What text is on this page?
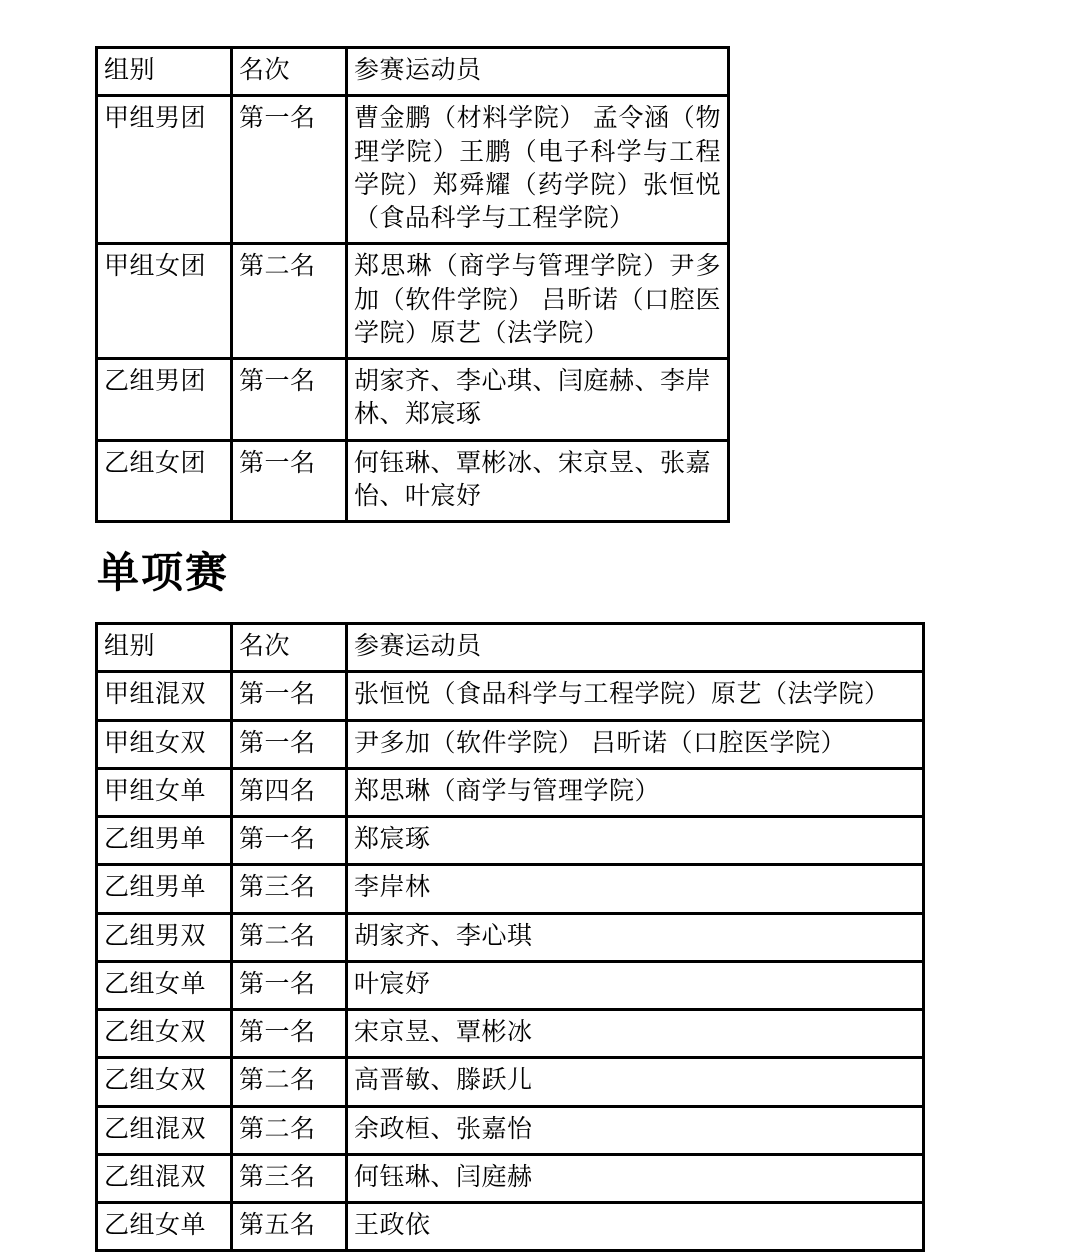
组别	名次	参赛运动员
甲组男团	第一名	曹金鹏（材料学院） 孟令涵（物理学院）王鹏（电子科学与工程学院）郑舜耀（药学院）张恒悦（食品科学与工程学院）
甲组女团	第二名	郑思琳（商学与管理学院）尹多加（软件学院） 吕昕诺（口腔医学院）原艺（法学院）
乙组男团	第一名	胡家齐、李心琪、闫庭赫、李岸林、郑宸琢
乙组女团	第一名	何钰琳、覃彬冰、宋京昱、张嘉怡、叶宸妤
单项赛
组别	名次	参赛运动员
甲组混双	第一名	张恒悦（食品科学与工程学院）原艺（法学院）
甲组女双	第一名	尹多加（软件学院） 吕昕诺（口腔医学院）
甲组女单	第四名	郑思琳（商学与管理学院）
乙组男单	第一名	郑宸琢
乙组男单	第三名	李岸林
乙组男双	第二名	胡家齐、李心琪
乙组女单	第一名	叶宸妤
乙组女双	第一名	宋京昱、覃彬冰
乙组女双	第二名	高晋敏、滕跃儿
乙组混双	第二名	余政桓、张嘉怡
乙组混双	第三名	何钰琳、闫庭赫
乙组女单	第五名	王政依
